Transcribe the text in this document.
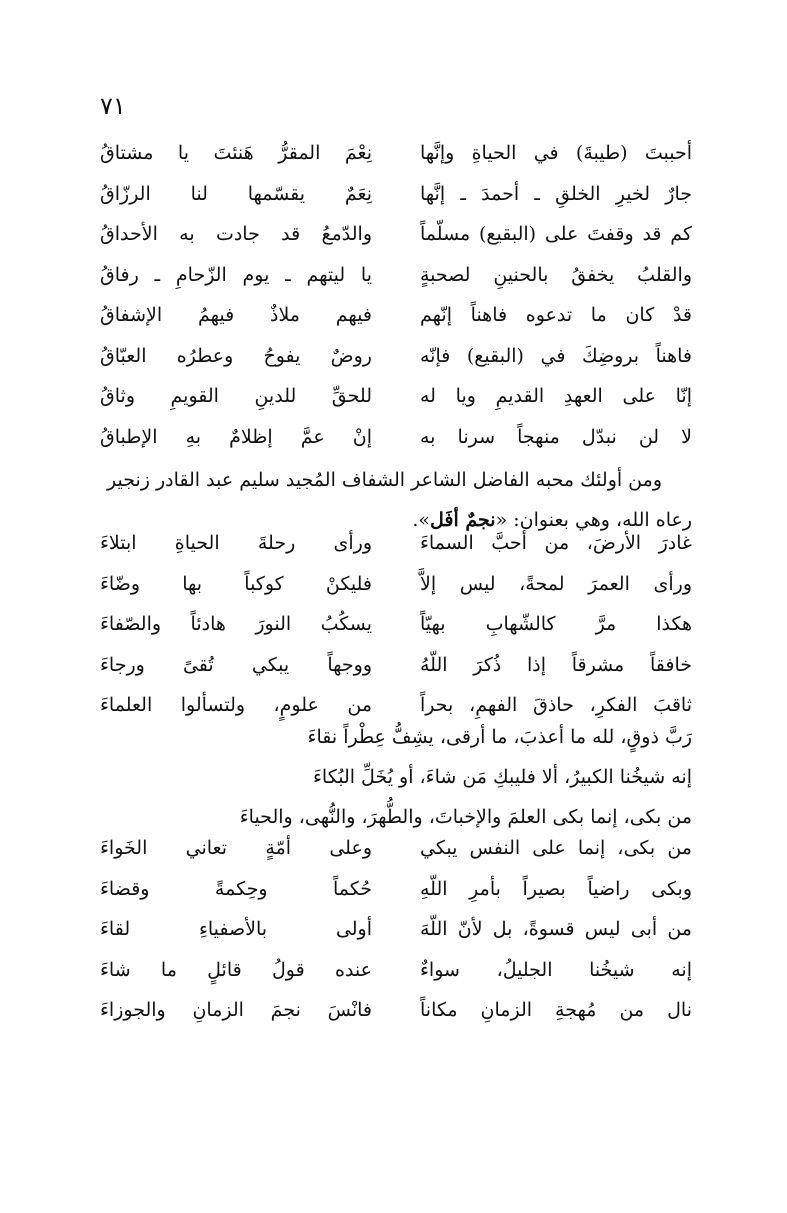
٧١
أحببتَ (طيبةَ) في الحياةِ وإنَّها
نِعْمَ المقرُّ هَنئتَ يا مشتاقُ
جارٌ لخيرِ الخلقِ ـ أحمدَ ـ إنَّها
نِعَمٌ يقسّمها لنا الرزّاقُ
كم قد وقفتَ على (البقيع) مسلّماً
والدّمعُ قد جادت به الأحداقُ
والقلبُ يخفقُ بالحنينِ لصحبةٍ
يا ليتهم ـ يوم الزّحامِ ـ رفاقُ
قدْ كان ما تدعوه فاهناً إنّهم
فيهم ملاذٌ فيهمُ الإشفاقُ
فاهناً بروضِكَ في (البقيع) فإنّه
روضٌ يفوحُ وعطرُه العبّاقُ
إنّا على العهدِ القديمِ ويا له
للحقِّ للدينِ القويمِ وثاقُ
لا لن نبدّل منهجاً سرنا به
إنْ عمَّ إظلامٌ بهِ الإطباقُ
ومن أولئك محبه الفاضل الشاعر الشفاف المُجيد سليم عبد القادر زنجير
رعاه الله، وهي بعنوان: «نجمٌ أفَل».
غادرَ الأرضَ، من أحبَّ السماءَ
ورأى رحلةَ الحياةِ ابتلاءَ
ورأى العمرَ لمحةً، ليس إلاَّ
فليكنْ كوكباً بها وضّاءَ
هكذا مرَّ كالشّهابِ بهيّاً
يسكُبُ النورَ هادئاً والصّفاءَ
خافقاً مشرقاً إذا ذُكرَ اللّهُ
ووجهاً يبكي تُقىً ورجاءَ
ثاقبَ الفكرِ، حاذقَ الفهمِ، بحراً
من علومٍ، ولتسألوا العلماءَ
رَبَّ ذوقٍ، لله ما أعذبَ، ما أرقى، يشِفُّ عِطْراً نقاءَ
إنه شيخُنا الكبيرُ، ألا فليبكِ مَن شاءَ، أو يُخَلِّ البُكاءَ
من بكى، إنما بكى العلمَ والإخباتَ، والطُّهرَ، والنُّهى، والحياءَ
من بكى، إنما على النفس يبكي
وعلى أمّةٍ تعاني الخَواءَ
وبكى راضياً بصيراً بأمرِ اللّهِ
حُكماً وحِكمةً وقضاءَ
من أبى ليس قسوةً، بل لأنّ اللّهَ
أولى بالأصفياءِ لقاءَ
إنه شيخُنا الجليلُ، سواءٌ
عنده قولُ قائلٍ ما شاءَ
نال من مُهجةِ الزمانِ مكاناً
فانْسَ نجمَ الزمانِ والجوزاءَ
